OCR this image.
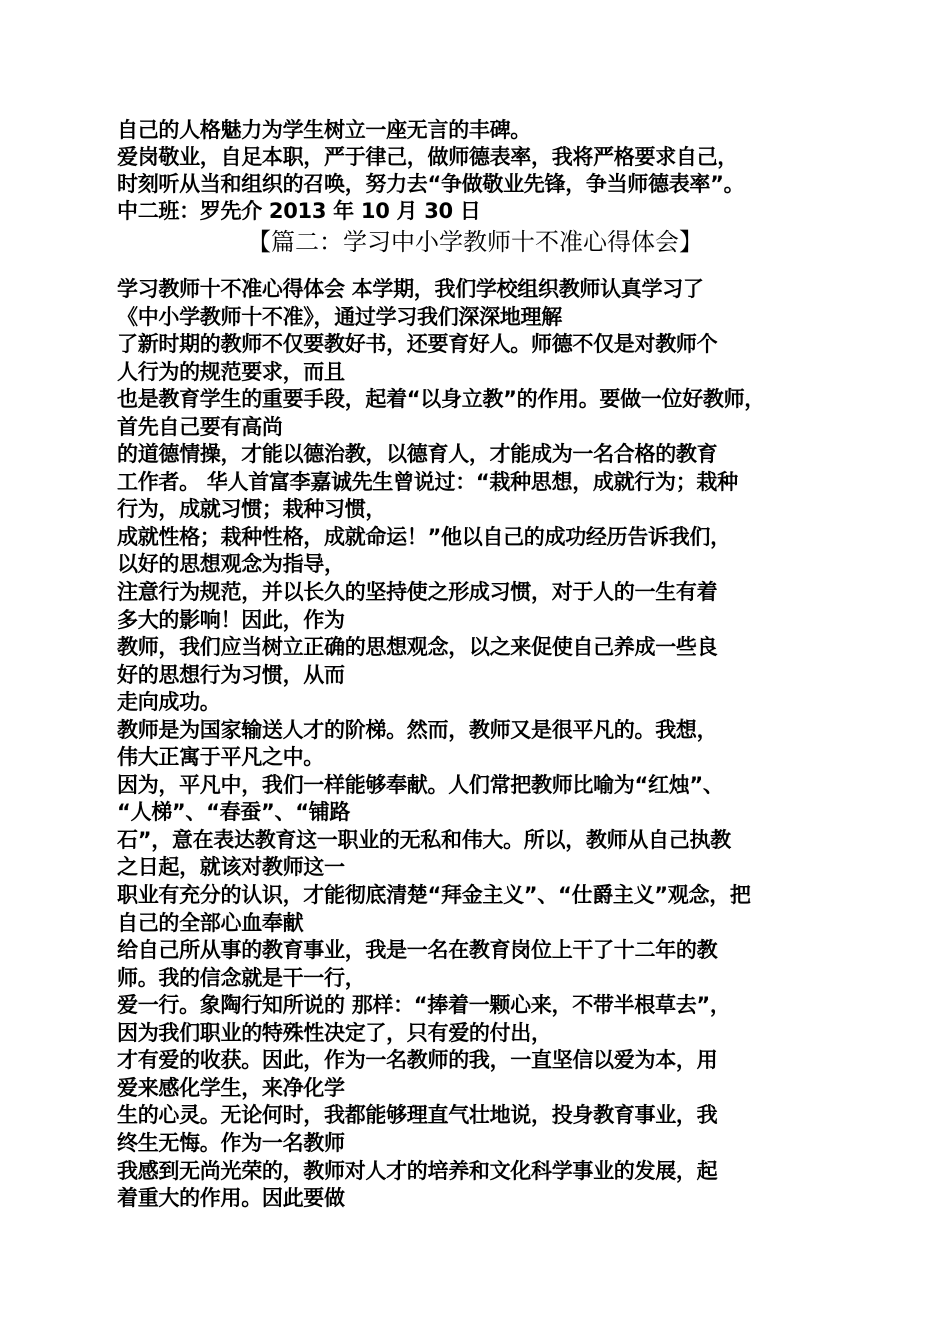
自己的人格魅力为学生树立一座无言的丰碑。
爱岗敬业，自足本职，严于律己，做师德表率，我将严格要求自己，
时刻听从当和组织的召唤，努力去“争做敬业先锋，争当师德表率”。
中二班：罗先介 2013 年 10 月 30 日
【篇二：学习中小学教师十不准心得体会】
学习教师十不准心得体会 本学期，我们学校组织教师认真学习了
《中小学教师十不准》，通过学习我们深深地理解
了新时期的教师不仅要教好书，还要育好人。师德不仅是对教师个
人行为的规范要求，而且
也是教育学生的重要手段，起着“以身立教”的作用。要做一位好教师，
首先自己要有高尚
的道德情操，才能以德治教，以德育人，才能成为一名合格的教育
工作者。 华人首富李嘉诚先生曾说过：“栽种思想，成就行为；栽种
行为，成就习惯；栽种习惯，
成就性格；栽种性格，成就命运！”他以自己的成功经历告诉我们，
以好的思想观念为指导，
注意行为规范，并以长久的坚持使之形成习惯，对于人的一生有着
多大的影响！因此，作为
教师，我们应当树立正确的思想观念，以之来促使自己养成一些良
好的思想行为习惯，从而
走向成功。
教师是为国家输送人才的阶梯。然而，教师又是很平凡的。我想，
伟大正寓于平凡之中。
因为，平凡中，我们一样能够奉献。人们常把教师比喻为“红烛”、
“人梯”、“春蚕”、“铺路
石”，意在表达教育这一职业的无私和伟大。所以，教师从自己执教
之日起，就该对教师这一
职业有充分的认识，才能彻底清楚“拜金主义”、“仕爵主义”观念，把
自己的全部心血奉献
给自己所从事的教育事业，我是一名在教育岗位上干了十二年的教
师。我的信念就是干一行，
爱一行。象陶行知所说的 那样：“捧着一颗心来，不带半根草去”，
因为我们职业的特殊性决定了，只有爱的付出，
才有爱的收获。因此，作为一名教师的我，一直坚信以爱为本，用
爱来感化学生，来净化学
生的心灵。无论何时，我都能够理直气壮地说，投身教育事业，我
终生无悔。作为一名教师
我感到无尚光荣的，教师对人才的培养和文化科学事业的发展，起
着重大的作用。因此要做
